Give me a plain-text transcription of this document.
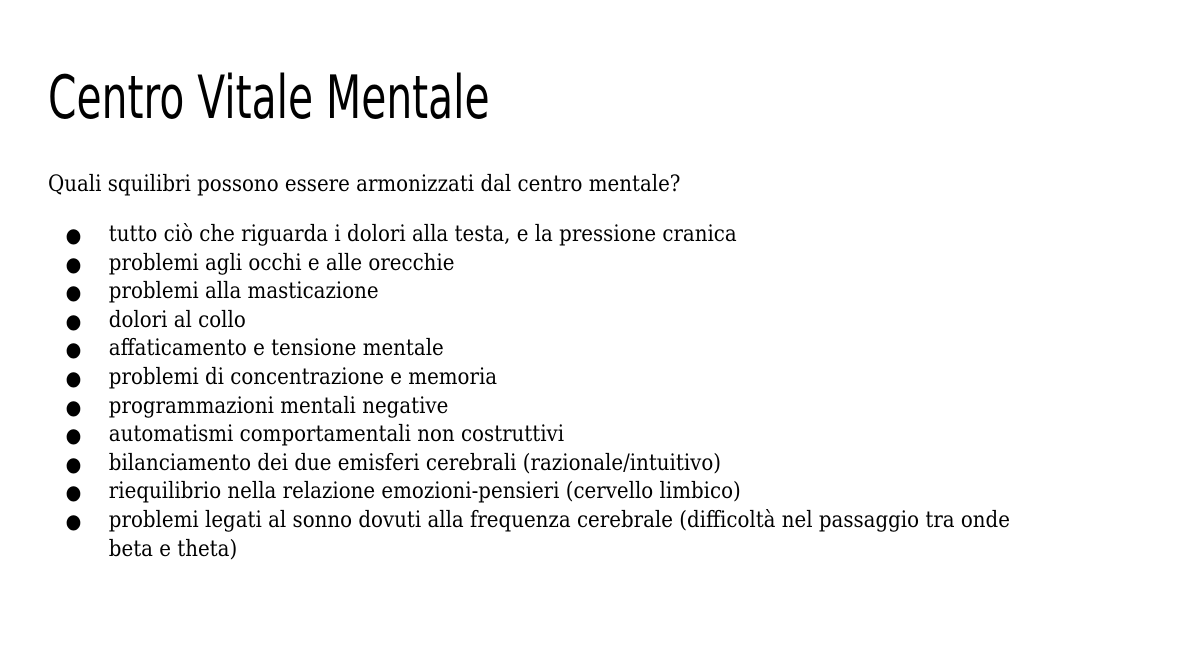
Centro Vitale Mentale
Quali squilibri possono essere armonizzati dal centro mentale?
● tutto ciò che riguarda i dolori alla testa, e la pressione cranica
● problemi agli occhi e alle orecchie
● problemi alla masticazione
● dolori al collo
● affaticamento e tensione mentale
● problemi di concentrazione e memoria
● programmazioni mentali negative
● automatismi comportamentali non costruttivi
● bilanciamento dei due emisferi cerebrali (razionale/intuitivo)
● riequilibrio nella relazione emozioni-pensieri (cervello limbico)
● problemi legati al sonno dovuti alla frequenza cerebrale (difficoltà nel passaggio tra onde
beta e theta)
